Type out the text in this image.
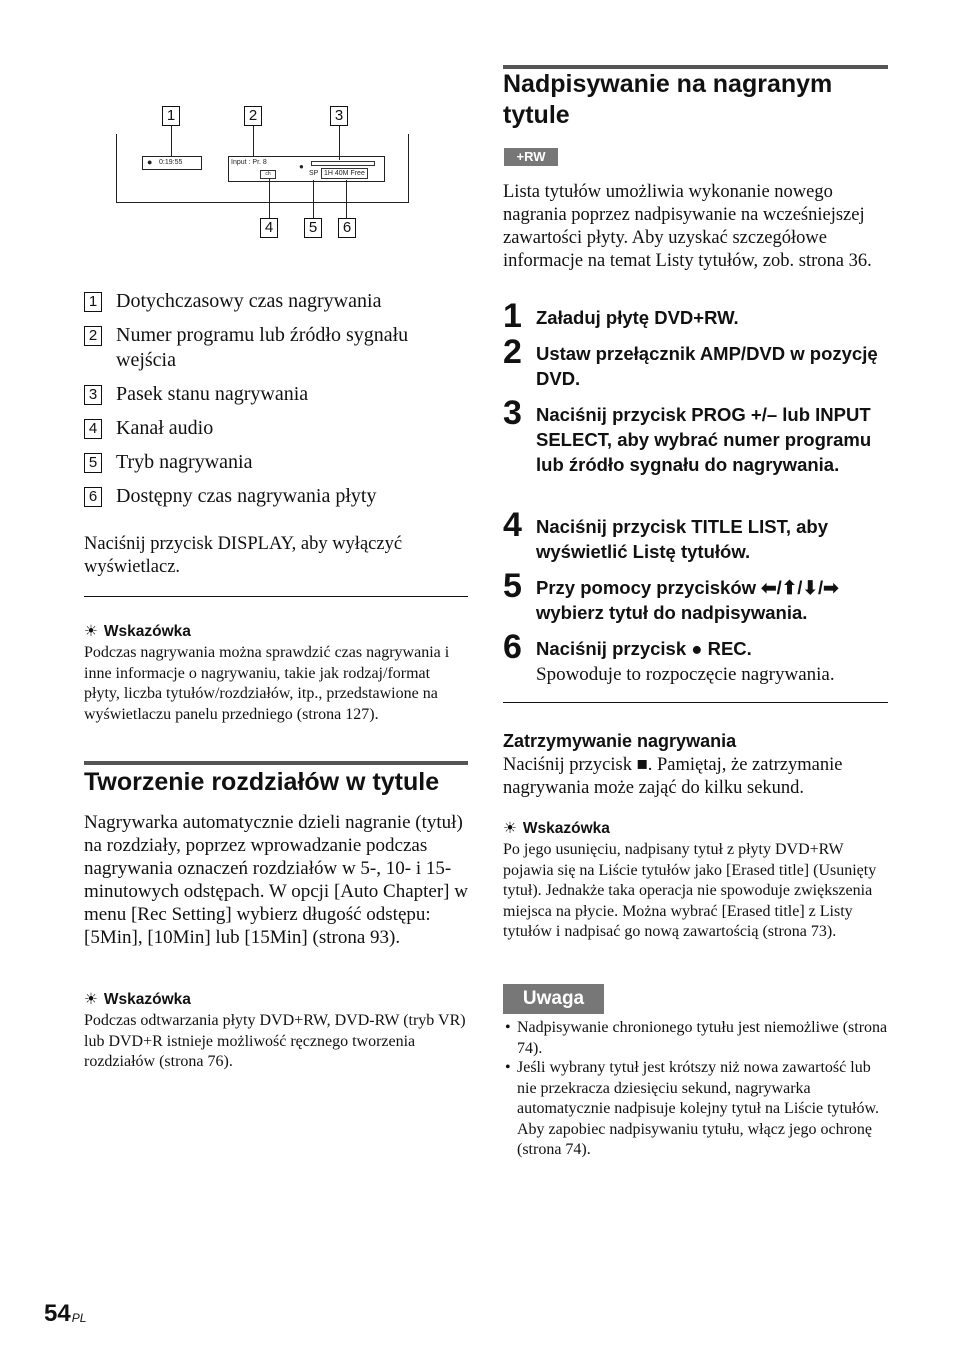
1	2	3
● 0:19:55	Input : Pr. 8
ch
●
SP 1H 40M Free
4	5	6
1 Dotychczasowy czas nagrywania
2 Numer programu lub źródło sygnału wejścia
3 Pasek stanu nagrywania
4 Kanał audio
5 Tryb nagrywania
6 Dostępny czas nagrywania płyty
Naciśnij przycisk DISPLAY, aby wyłączyć wyświetlacz.
☀ Wskazówka
Podczas nagrywania można sprawdzić czas nagrywania i inne informacje o nagrywaniu, takie jak rodzaj/format płyty, liczba tytułów/rozdziałów, itp., przedstawione na wyświetlaczu panelu przedniego (strona 127).
Tworzenie rozdziałów w tytule
Nagrywarka automatycznie dzieli nagranie (tytuł) na rozdziały, poprzez wprowadzanie podczas nagrywania oznaczeń rozdziałów w 5-, 10- i 15-minutowych odstępach. W opcji [Auto Chapter] w menu [Rec Setting] wybierz długość odstępu: [5Min], [10Min] lub [15Min] (strona 93).
☀ Wskazówka
Podczas odtwarzania płyty DVD+RW, DVD-RW (tryb VR) lub DVD+R istnieje możliwość ręcznego tworzenia rozdziałów (strona 76).
Nadpisywanie na nagranym tytule
+RW
Lista tytułów umożliwia wykonanie nowego nagrania poprzez nadpisywanie na wcześniejszej zawartości płyty. Aby uzyskać szczegółowe informacje na temat Listy tytułów, zob. strona 36.
1 Załaduj płytę DVD+RW.
2 Ustaw przełącznik AMP/DVD w pozycję DVD.
3 Naciśnij przycisk PROG +/– lub INPUT SELECT, aby wybrać numer programu lub źródło sygnału do nagrywania.
4 Naciśnij przycisk TITLE LIST, aby wyświetlić Listę tytułów.
5 Przy pomocy przycisków ⬅/⬆/⬇/➡ wybierz tytuł do nadpisywania.
6 Naciśnij przycisk ● REC.
Spowoduje to rozpoczęcie nagrywania.
Zatrzymywanie nagrywania
Naciśnij przycisk ■. Pamiętaj, że zatrzymanie nagrywania może zająć do kilku sekund.
☀ Wskazówka
Po jego usunięciu, nadpisany tytuł z płyty DVD+RW pojawia się na Liście tytułów jako [Erased title] (Usunięty tytuł). Jednakże taka operacja nie spowoduje zwiększenia miejsca na płycie. Można wybrać [Erased title] z Listy tytułów i nadpisać go nową zawartością (strona 73).
Uwaga
• Nadpisywanie chronionego tytułu jest niemożliwe (strona 74).
• Jeśli wybrany tytuł jest krótszy niż nowa zawartość lub nie przekracza dziesięciu sekund, nagrywarka automatycznie nadpisuje kolejny tytuł na Liście tytułów. Aby zapobiec nadpisywaniu tytułu, włącz jego ochronę (strona 74).
$54^{PL}$
